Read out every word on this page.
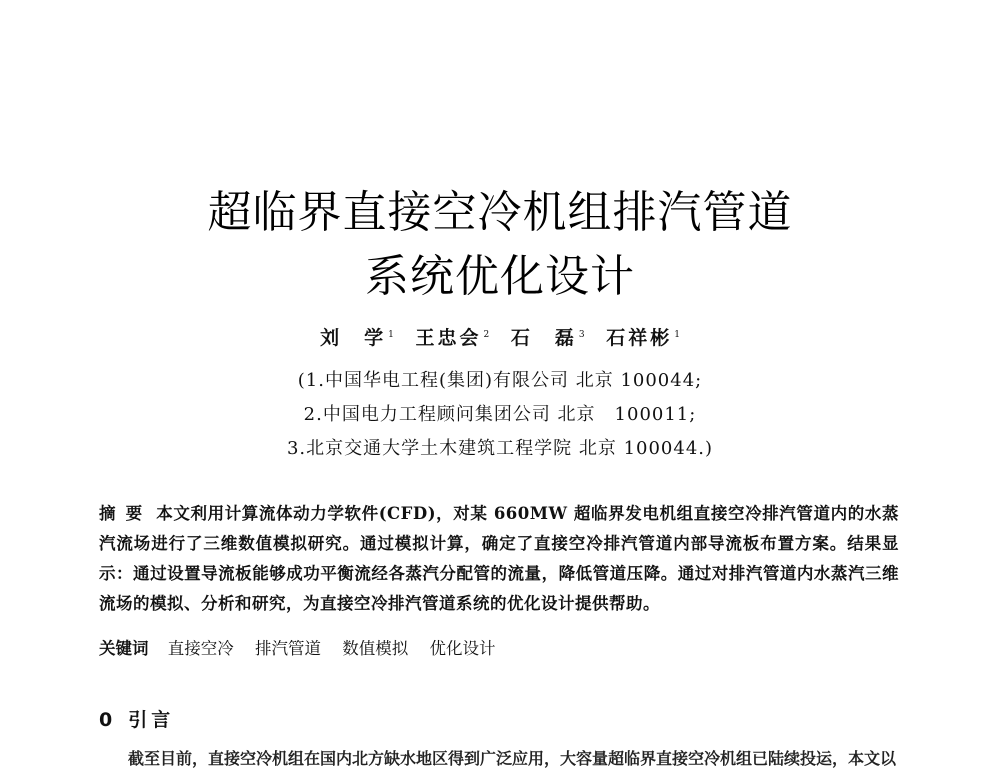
超临界直接空冷机组排汽管道
系统优化设计
刘　学 $^1$ 王忠会 $^2$ 石　磊 $^3$ 石祥彬 $^1$
(1.中国华电工程(集团)有限公司 北京 100044;
2.中国电力工程顾问集团公司 北京　100011;
3.北京交通大学土木建筑工程学院 北京 100044.)
摘要 本文利用计算流体动力学软件(CFD)，对某 660MW 超临界发电机组直接空冷排汽管道内的水蒸汽流场进行了三维数值模拟研究。通过模拟计算，确定了直接空冷排汽管道内部导流板布置方案。结果显示：通过设置导流板能够成功平衡流经各蒸汽分配管的流量，降低管道压降。通过对排汽管道内水蒸汽三维流场的模拟、分析和研究，为直接空冷排汽管道系统的优化设计提供帮助。
关键词 直接空冷 排汽管道 数值模拟 优化设计
0 引言
截至目前，直接空冷机组在国内北方缺水地区得到广泛应用，大容量超临界直接空冷机组已陆续投运，本文以
